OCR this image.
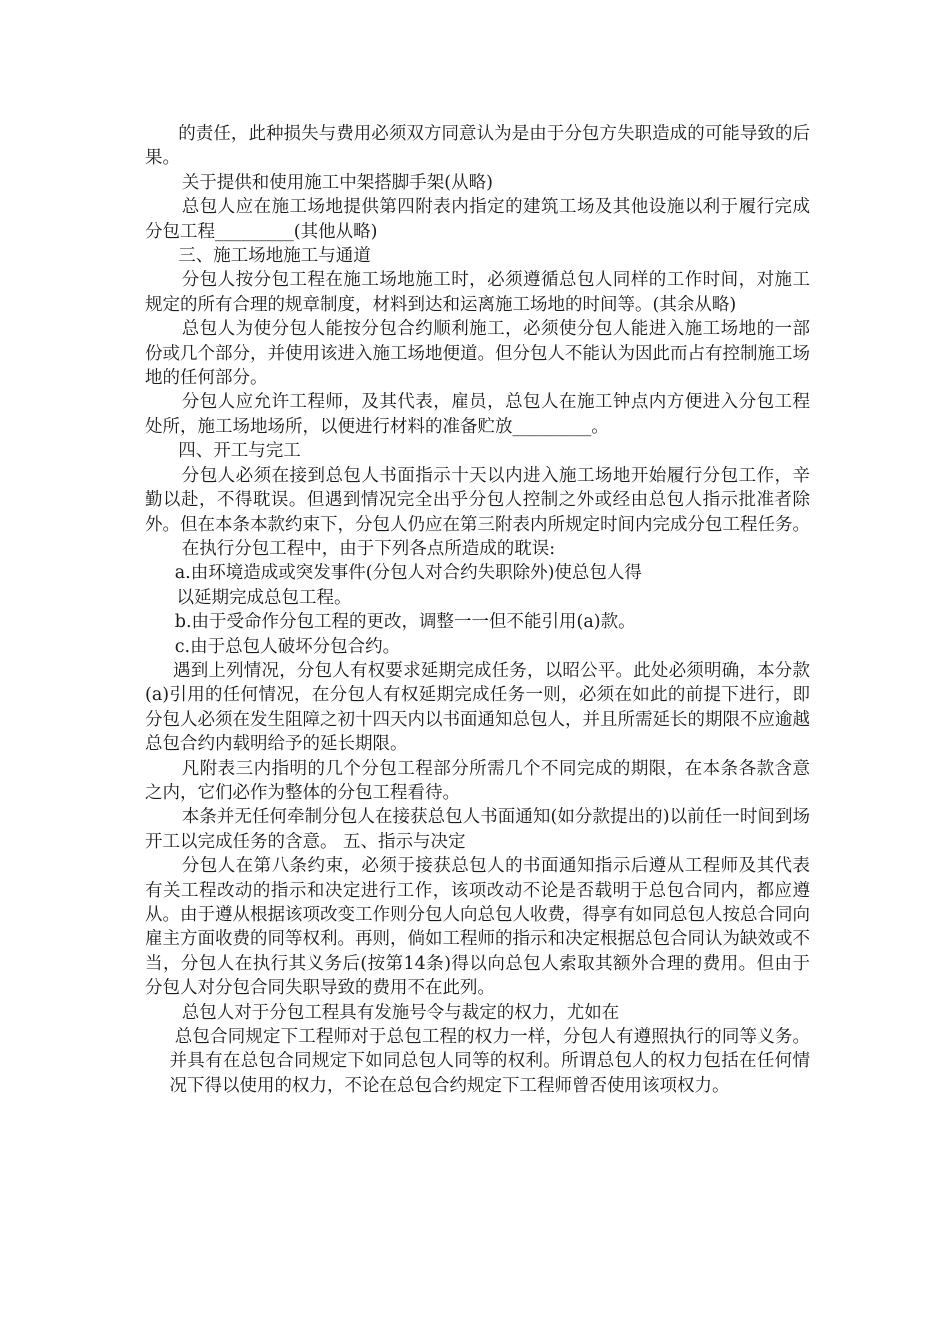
的责任，此种损失与费用必须双方同意认为是由于分包方失职造成的可能导致的后果。

关于提供和使用施工中架搭脚手架(从略)

总包人应在施工场地提供第四附表内指定的建筑工场及其他设施以利于履行完成分包工程_________(其他从略)

三、施工场地施工与通道

分包人按分包工程在施工场地施工时，必须遵循总包人同样的工作时间，对施工规定的所有合理的规章制度，材料到达和运离施工场地的时间等。(其余从略)

总包人为使分包人能按分包合约顺利施工，必须使分包人能进入施工场地的一部份或几个部分，并使用该进入施工场地便道。但分包人不能认为因此而占有控制施工场地的任何部分。

分包人应允许工程师，及其代表，雇员，总包人在施工钟点内方便进入分包工程处所，施工场地场所，以便进行材料的准备贮放_________。

四、开工与完工

分包人必须在接到总包人书面指示十天以内进入施工场地开始履行分包工作，辛勤以赴，不得耽误。但遇到情况完全出乎分包人控制之外或经由总包人指示批准者除外。但在本条本款约束下，分包人仍应在第三附表内所规定时间内完成分包工程任务。

在执行分包工程中，由于下列各点所造成的耽误:

a.由环境造成或突发事件(分包人对合约失职除外)使总包人得

以延期完成总包工程。

b.由于受命作分包工程的更改，调整一一但不能引用(a)款。

c.由于总包人破坏分包合约。

遇到上列情况，分包人有权要求延期完成任务，以昭公平。此处必须明确，本分款(a)引用的任何情况，在分包人有权延期完成任务一则，必须在如此的前提下进行，即分包人必须在发生阻障之初十四天内以书面通知总包人，并且所需延长的期限不应逾越总包合约内载明给予的延长期限。

凡附表三内指明的几个分包工程部分所需几个不同完成的期限，在本条各款含意之内，它们必作为整体的分包工程看待。

本条并无任何牵制分包人在接获总包人书面通知(如分款提出的)以前任一时间到场开工以完成任务的含意。 五、指示与决定

分包人在第八条约束，必须于接获总包人的书面通知指示后遵从工程师及其代表有关工程改动的指示和决定进行工作，该项改动不论是否载明于总包合同内，都应遵从。由于遵从根据该项改变工作则分包人向总包人收费，得享有如同总包人按总合同向雇主方面收费的同等权利。再则，倘如工程师的指示和决定根据总包合同认为缺效或不当，分包人在执行其义务后(按第14条)得以向总包人索取其额外合理的费用。但由于分包人对分包合同失职导致的费用不在此列。

总包人对于分包工程具有发施号令与裁定的权力，尤如在

总包合同规定下工程师对于总包工程的权力一样，分包人有遵照执行的同等义务。并具有在总包合同规定下如同总包人同等的权利。所谓总包人的权力包括在任何情况下得以使用的权力，不论在总包合约规定下工程师曾否使用该项权力。
